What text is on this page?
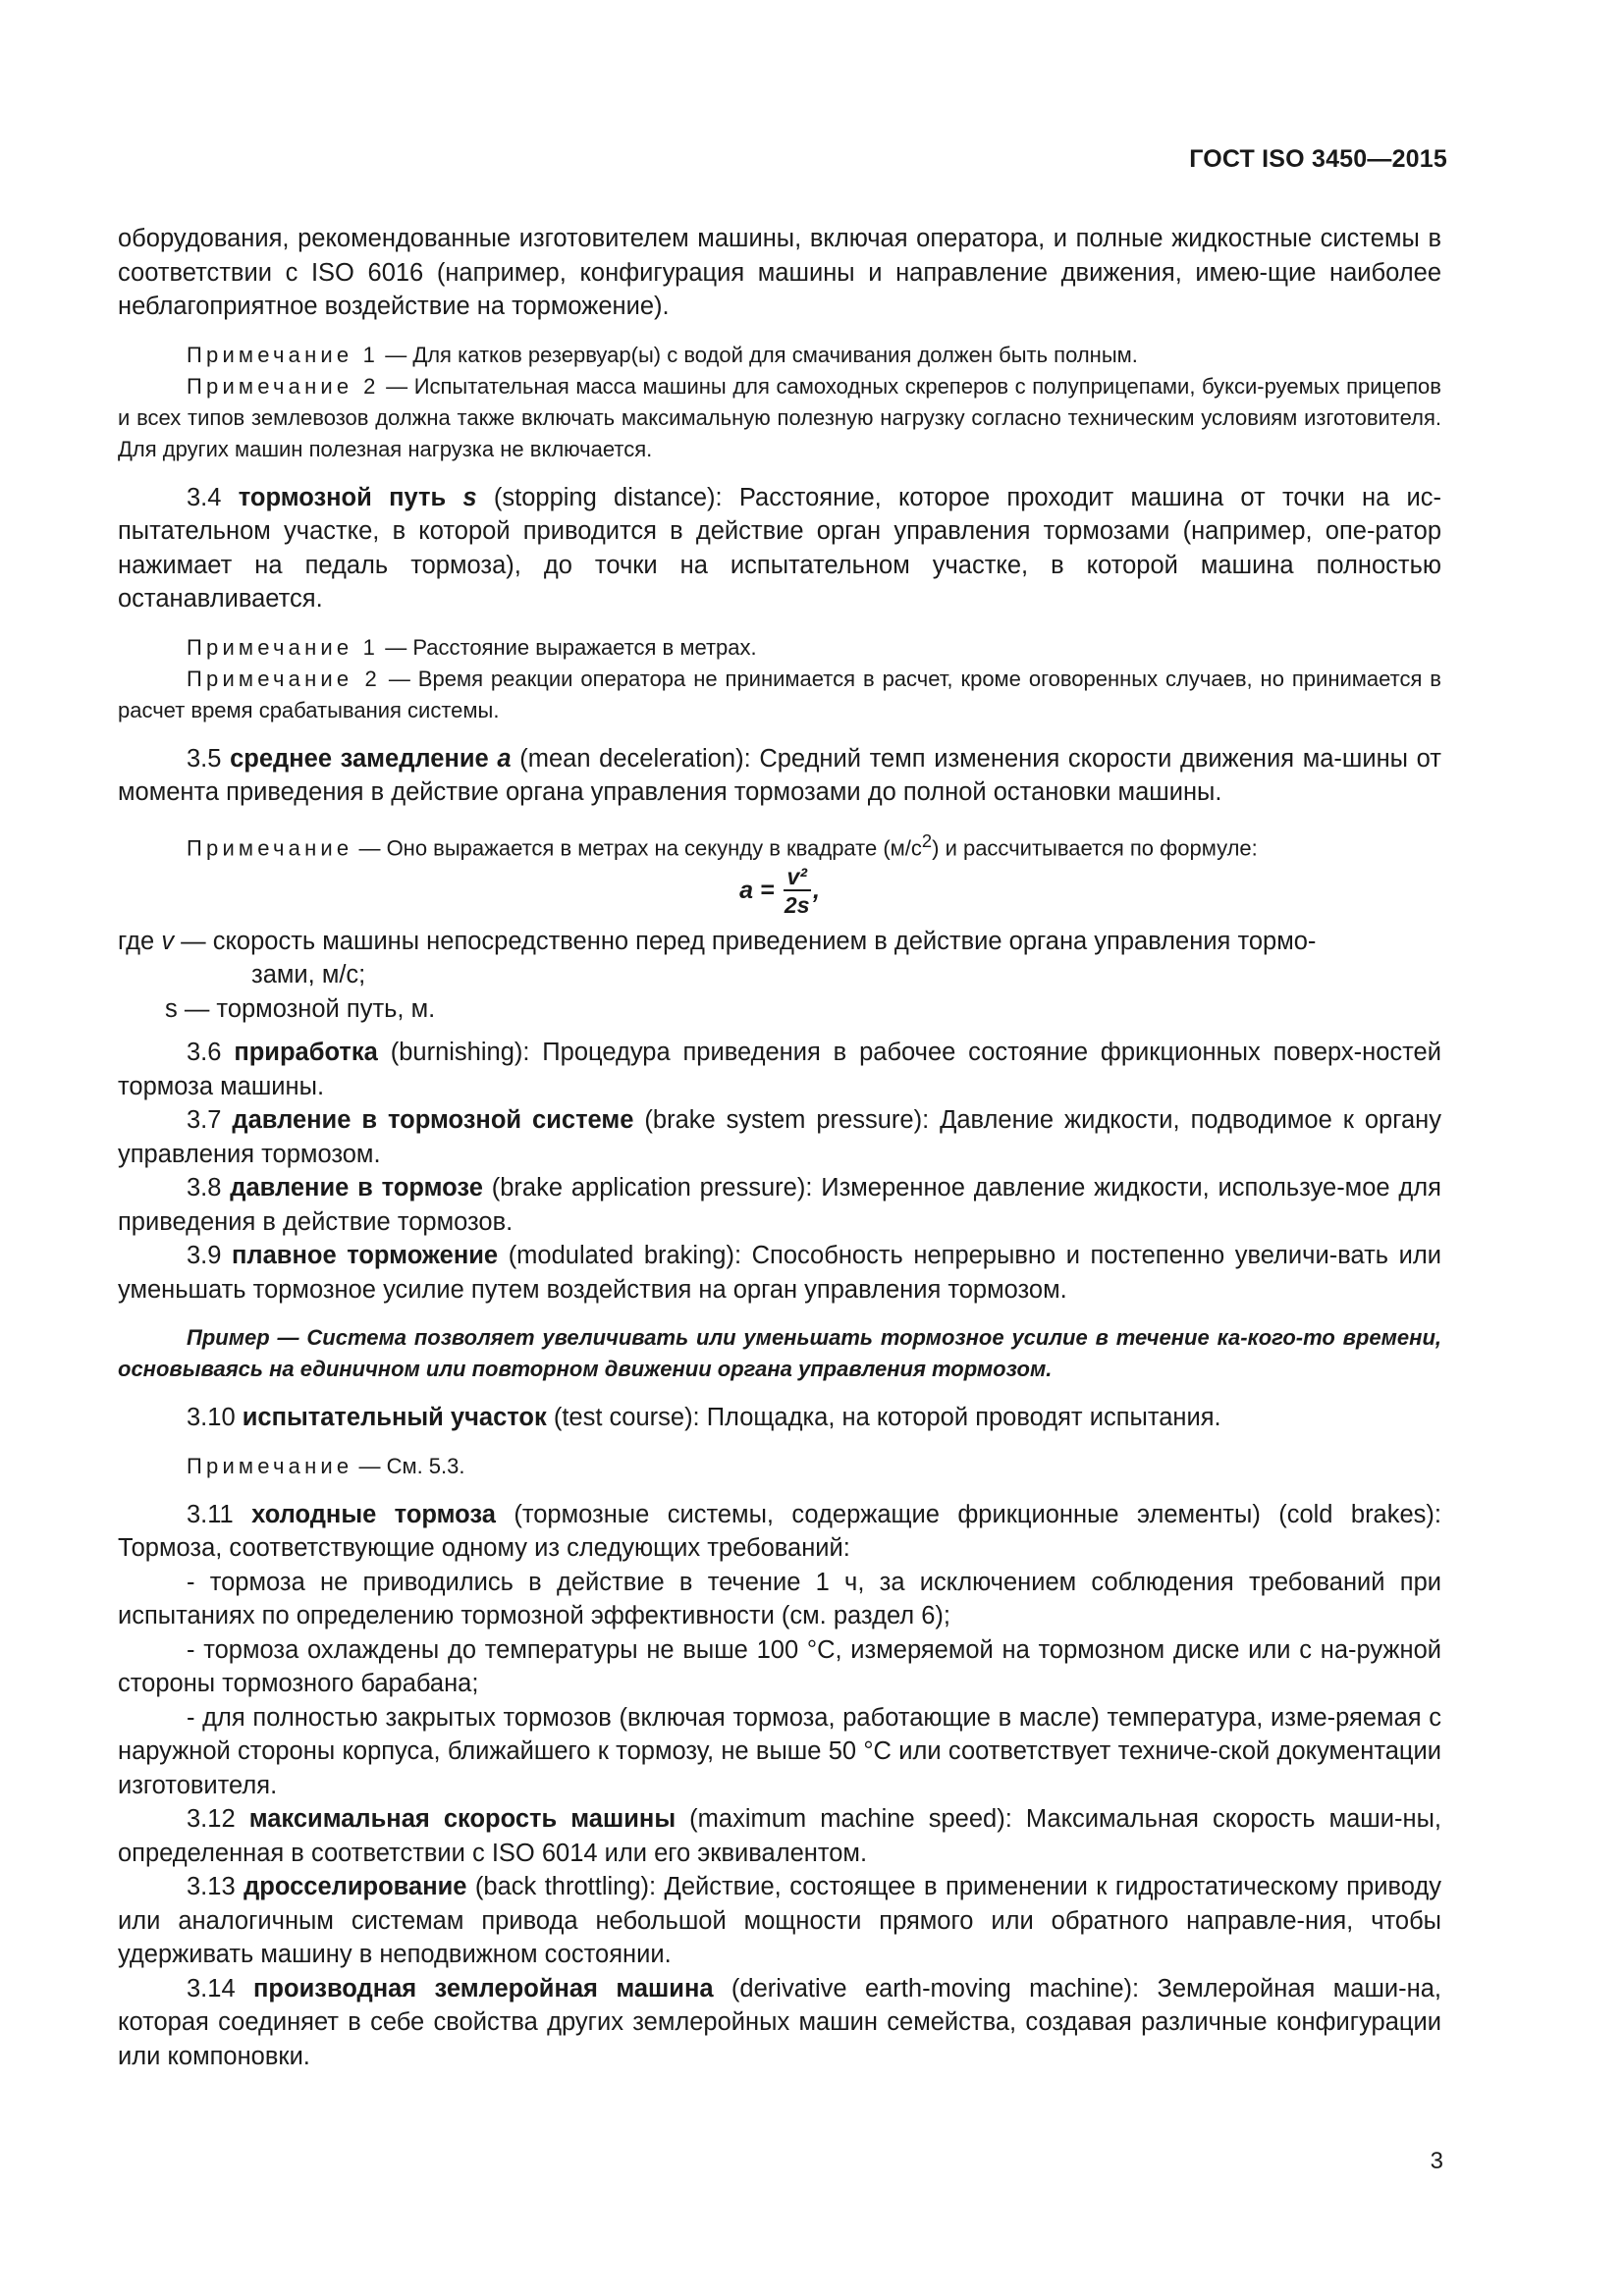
ГОСТ ISO 3450—2015

оборудования, рекомендованные изготовителем машины, включая оператора, и полные жидкостные системы в соответствии с ISO 6016 (например, конфигурация машины и направление движения, имею-щие наиболее неблагоприятное воздействие на торможение).

Примечание 1 — Для катков резервуар(ы) с водой для смачивания должен быть полным.

Примечание 2 — Испытательная масса машины для самоходных скреперов с полуприцепами, букси-руемых прицепов и всех типов землевозов должна также включать максимальную полезную нагрузку согласно техническим условиям изготовителя. Для других машин полезная нагрузка не включается.

3.4 тормозной путь s (stopping distance): Расстояние, которое проходит машина от точки на ис-пытательном участке, в которой приводится в действие орган управления тормозами (например, опе-ратор нажимает на педаль тормоза), до точки на испытательном участке, в которой машина полностью останавливается.

Примечание 1 — Расстояние выражается в метрах.

Примечание 2 — Время реакции оператора не принимается в расчет, кроме оговоренных случаев, но принимается в расчет время срабатывания системы.

3.5 среднее замедление a (mean deceleration): Средний темп изменения скорости движения ма-шины от момента приведения в действие органа управления тормозами до полной остановки машины.

Примечание — Оно выражается в метрах на секунду в квадрате $(м/с^2)$ и рассчитывается по формуле:

$a = \frac{\text{v²}}{2s}$ ,
где v — скорость машины непосредственно перед приведением в действие органа управления тормо-
зами, м/с;
s — тормозной путь, м.

3.6 приработка (burnishing): Процедура приведения в рабочее состояние фрикционных поверх-ностей тормоза машины.

3.7 давление в тормозной системе (brake system pressure): Давление жидкости, подводимое к органу управления тормозом.

3.8 давление в тормозе (brake application pressure): Измеренное давление жидкости, используе-мое для приведения в действие тормозов.

3.9 плавное торможение (modulated braking): Способность непрерывно и постепенно увеличи-вать или уменьшать тормозное усилие путем воздействия на орган управления тормозом.

Пример — Система позволяет увеличивать или уменьшать тормозное усилие в течение ка-кого-то времени, основываясь на единичном или повторном движении органа управления тормозом.

3.10 испытательный участок (test course): Площадка, на которой проводят испытания.

Примечание — См. 5.3.

3.11 холодные тормоза (тормозные системы, содержащие фрикционные элементы) (cold brakes): Тормоза, соответствующие одному из следующих требований:

- тормоза не приводились в действие в течение 1 ч, за исключением соблюдения требований при испытаниях по определению тормозной эффективности (см. раздел 6);

- тормоза охлаждены до температуры не выше 100 °С, измеряемой на тормозном диске или с на-ружной стороны тормозного барабана;

- для полностью закрытых тормозов (включая тормоза, работающие в масле) температура, изме-ряемая с наружной стороны корпуса, ближайшего к тормозу, не выше 50 °С или соответствует техниче-ской документации изготовителя.

3.12 максимальная скорость машины (maximum machine speed): Максимальная скорость маши-ны, определенная в соответствии с ISO 6014 или его эквивалентом.

3.13 дросселирование (back throttling): Действие, состоящее в применении к гидростатическому приводу или аналогичным системам привода небольшой мощности прямого или обратного направле-ния, чтобы удерживать машину в неподвижном состоянии.

3.14 производная землеройная машина (derivative earth-moving machine): Землеройная маши-на, которая соединяет в себе свойства других землеройных машин семейства, создавая различные конфигурации или компоновки.

3
